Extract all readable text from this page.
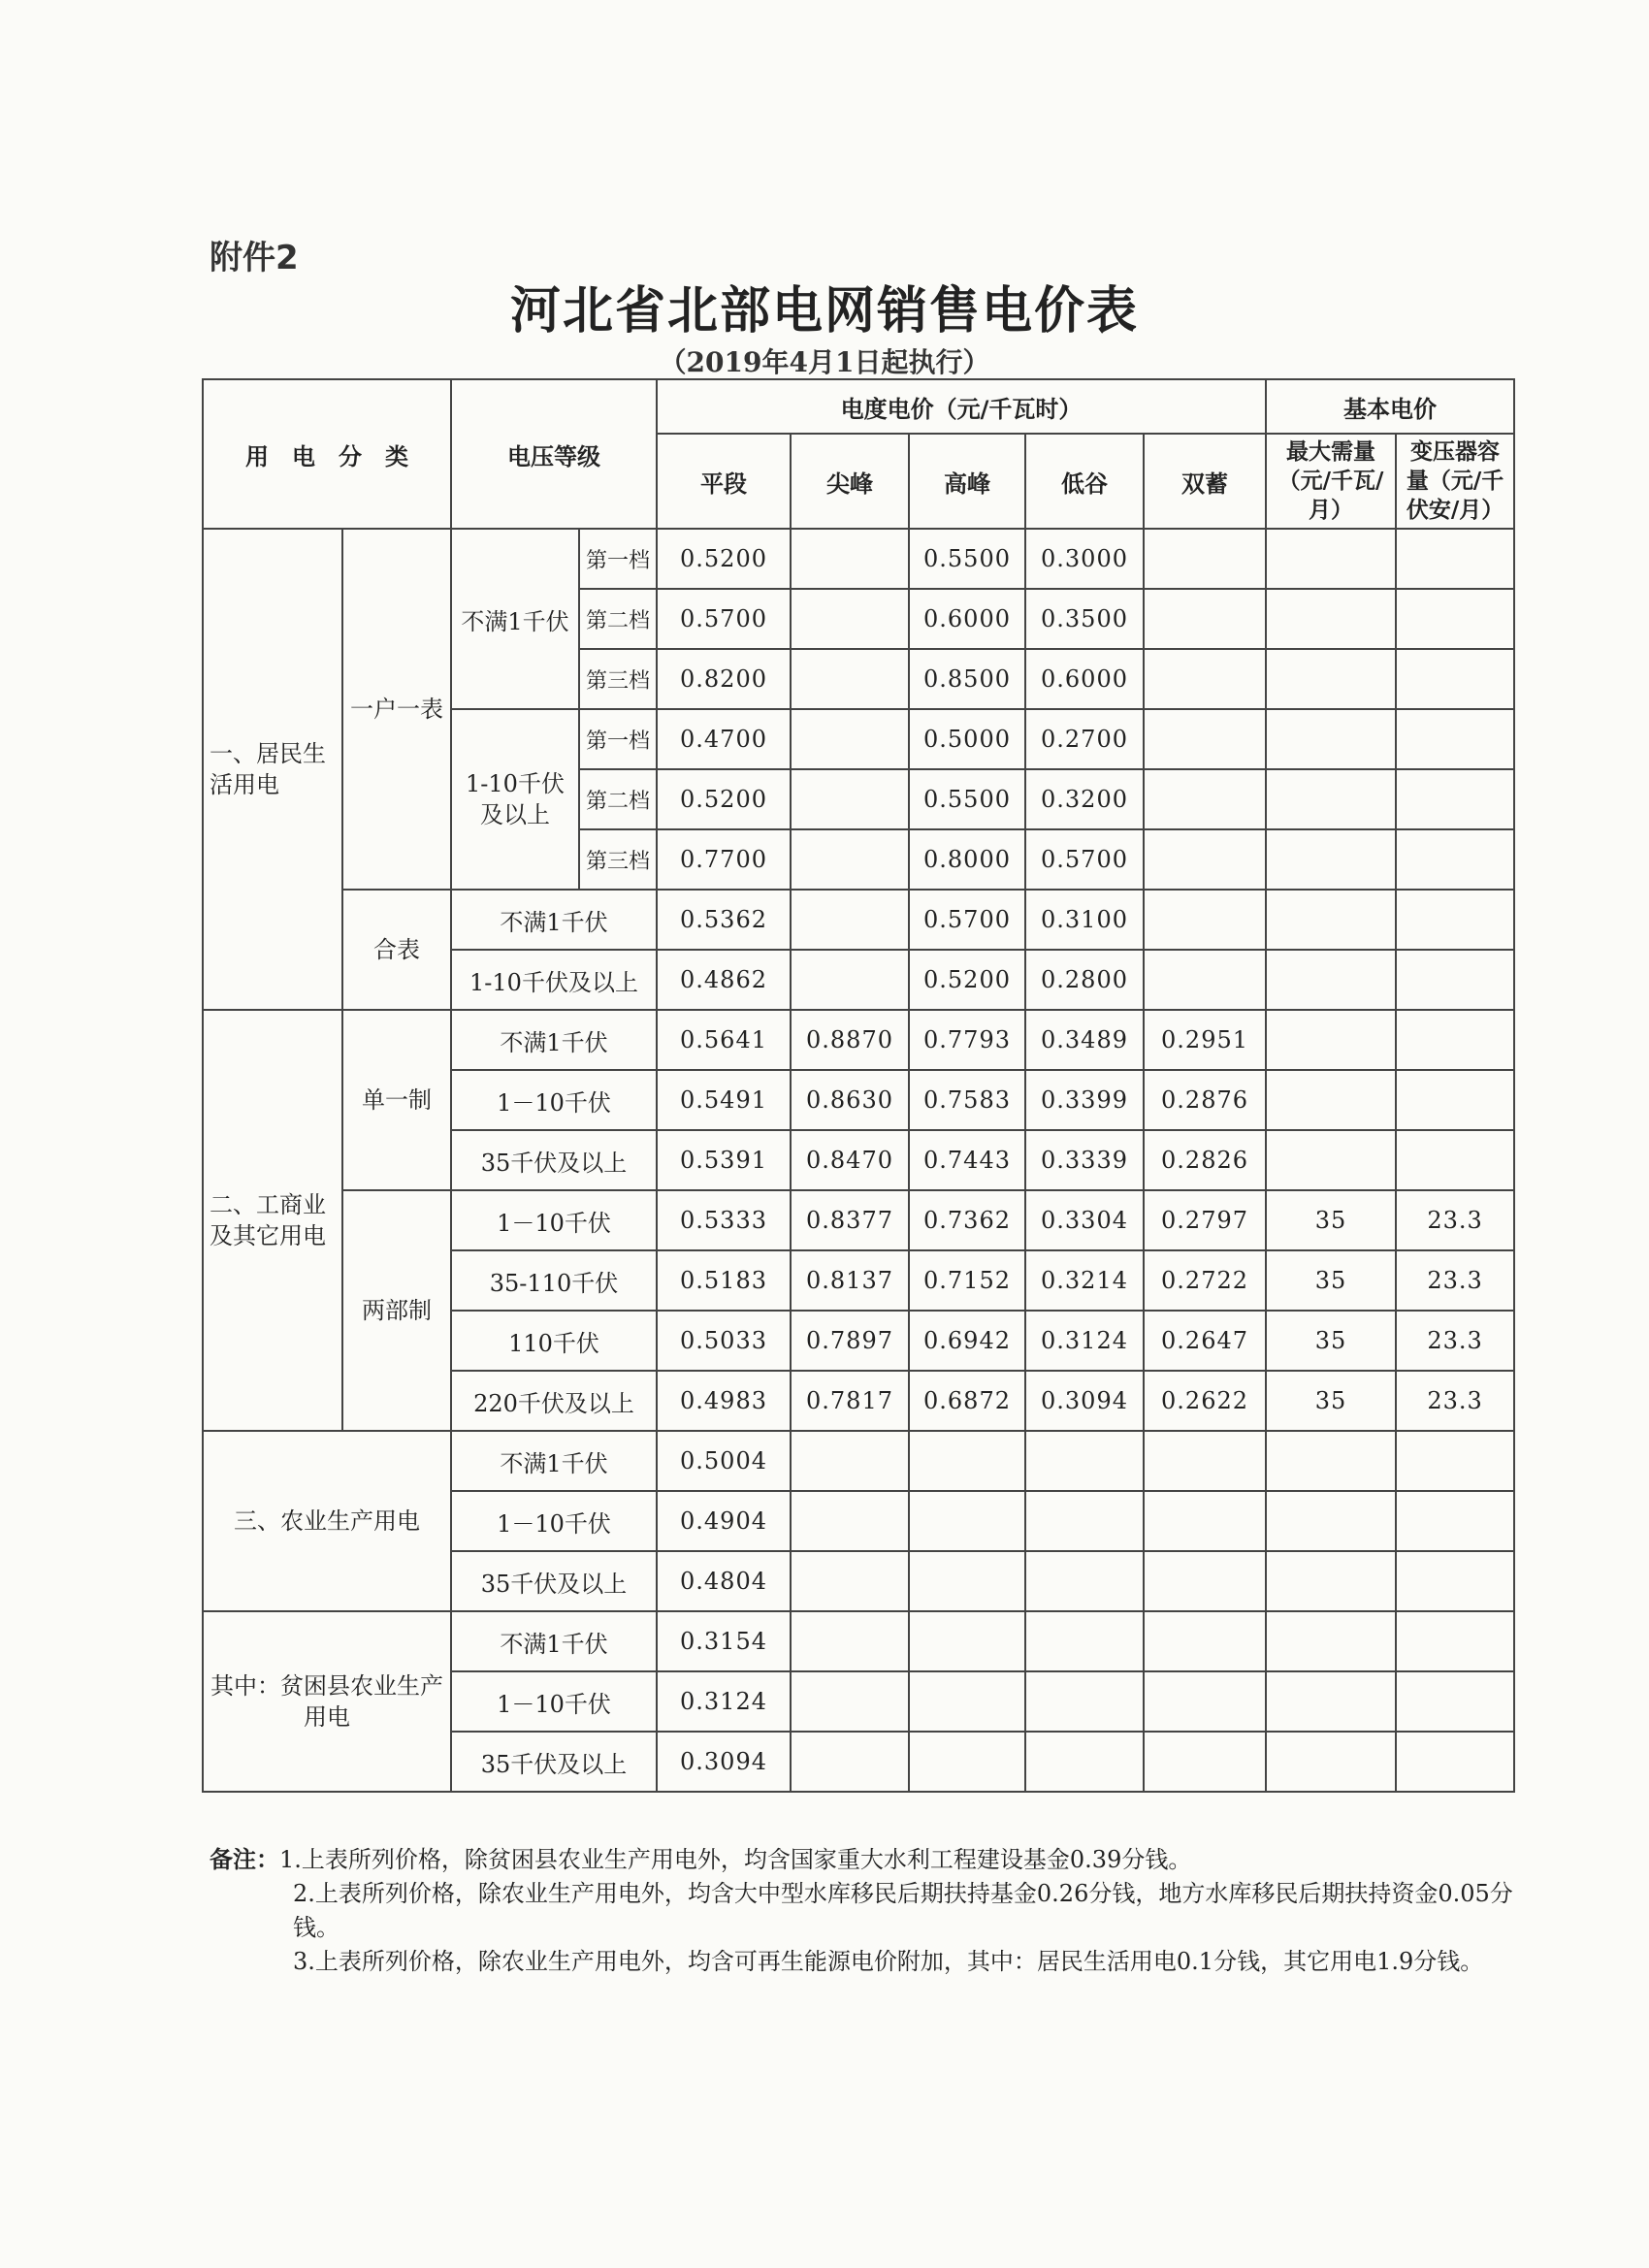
附件2
河北省北部电网销售电价表
（2019年4月1日起执行）
用　电　分　类		电压等级		电度电价（元/千瓦时）					基本电价	
				平段	尖峰	高峰	低谷	双蓄	最大需量（元/千瓦/月）	变压器容量（元/千伏安/月）
一、居民生活用电	一户一表	不满1千伏	第一档	0.5200		0.5500	0.3000			
			第二档	0.5700		0.6000	0.3500			
			第三档	0.8200		0.8500	0.6000			
		1-10千伏及以上	第一档	0.4700		0.5000	0.2700			
			第二档	0.5200		0.5500	0.3200			
			第三档	0.7700		0.8000	0.5700			
	合表	不满1千伏		0.5362		0.5700	0.3100			
		1-10千伏及以上		0.4862		0.5200	0.2800			
二、工商业及其它用电	单一制	不满1千伏		0.5641	0.8870	0.7793	0.3489	0.2951		
		1－10千伏		0.5491	0.8630	0.7583	0.3399	0.2876		
		35千伏及以上		0.5391	0.8470	0.7443	0.3339	0.2826		
	两部制	1－10千伏		0.5333	0.8377	0.7362	0.3304	0.2797	35	23.3
		35-110千伏		0.5183	0.8137	0.7152	0.3214	0.2722	35	23.3
		110千伏		0.5033	0.7897	0.6942	0.3124	0.2647	35	23.3
		220千伏及以上		0.4983	0.7817	0.6872	0.3094	0.2622	35	23.3
三、农业生产用电		不满1千伏		0.5004						
		1－10千伏		0.4904						
		35千伏及以上		0.4804						
其中：贫困县农业生产用电		不满1千伏		0.3154						
		1－10千伏		0.3124						
		35千伏及以上		0.3094						

备注：1.上表所列价格，除贫困县农业生产用电外，均含国家重大水利工程建设基金0.39分钱。

2.上表所列价格，除农业生产用电外，均含大中型水库移民后期扶持基金0.26分钱，地方水库移民后期扶持资金0.05分钱。

3.上表所列价格，除农业生产用电外，均含可再生能源电价附加，其中：居民生活用电0.1分钱，其它用电1.9分钱。
